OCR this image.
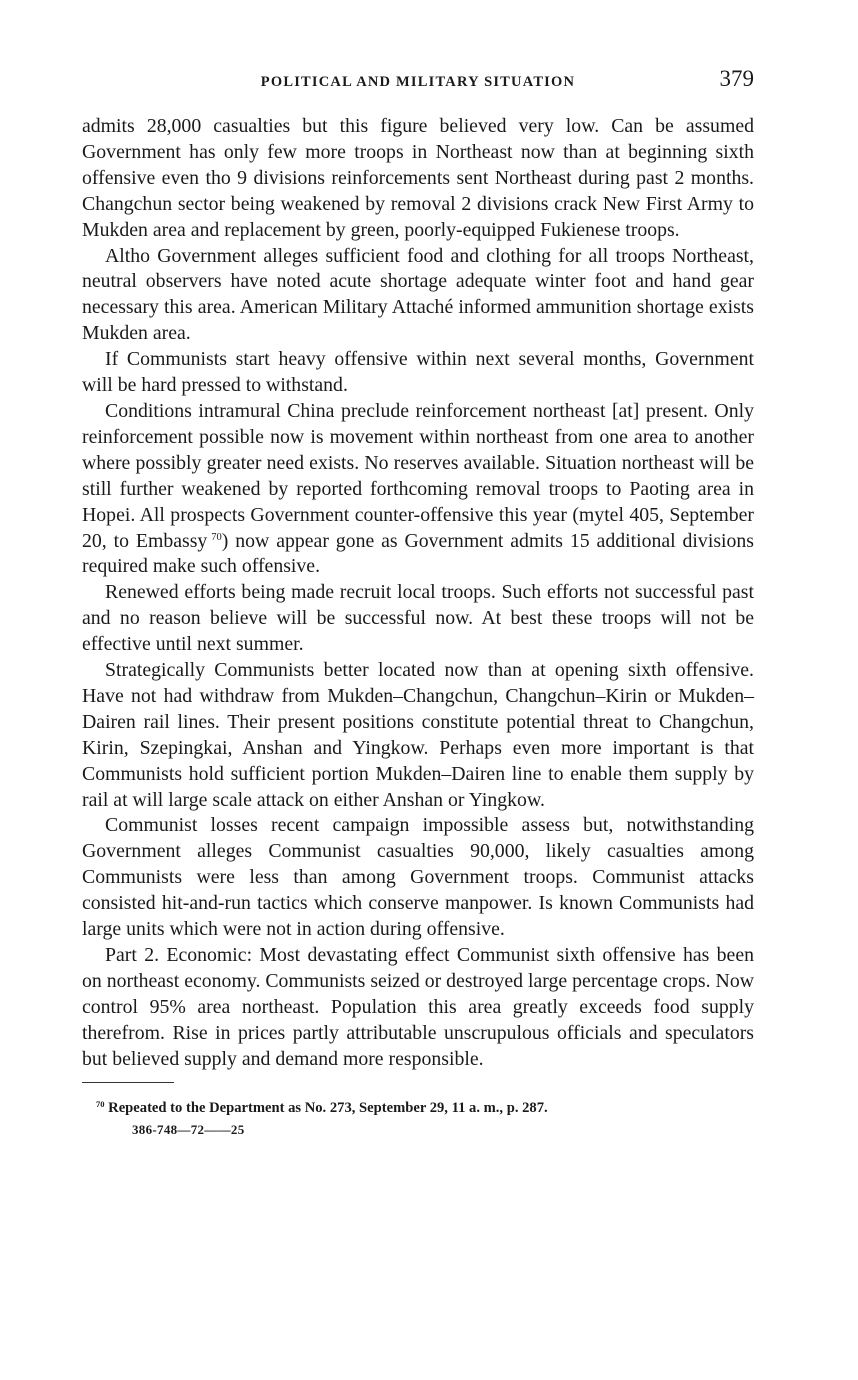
POLITICAL AND MILITARY SITUATION	379

admits 28,000 casualties but this figure believed very low. Can be assumed Government has only few more troops in Northeast now than at beginning sixth offensive even tho 9 divisions reinforcements sent Northeast during past 2 months. Changchun sector being weakened by removal 2 divisions crack New First Army to Mukden area and replacement by green, poorly-equipped Fukienese troops.

Altho Government alleges sufficient food and clothing for all troops Northeast, neutral observers have noted acute shortage adequate winter foot and hand gear necessary this area. American Military Attaché informed ammunition shortage exists Mukden area.

If Communists start heavy offensive within next several months, Government will be hard pressed to withstand.

Conditions intramural China preclude reinforcement northeast [at] present. Only reinforcement possible now is movement within northeast from one area to another where possibly greater need exists. No reserves available. Situation northeast will be still further weakened by reported forthcoming removal troops to Paoting area in Hopei. All prospects Government counter-offensive this year (mytel 405, September 20, to Embassy  $^{70}$) now appear gone as Government admits 15 additional divisions required make such offensive.

Renewed efforts being made recruit local troops. Such efforts not successful past and no reason believe will be successful now. At best these troops will not be effective until next summer.

Strategically Communists better located now than at opening sixth offensive. Have not had withdraw from Mukden–Changchun, Changchun–Kirin or Mukden–Dairen rail lines. Their present positions constitute potential threat to Changchun, Kirin, Szepingkai, Anshan and Yingkow. Perhaps even more important is that Communists hold sufficient portion Mukden–Dairen line to enable them supply by rail at will large scale attack on either Anshan or Yingkow.

Communist losses recent campaign impossible assess but, notwithstanding Government alleges Communist casualties 90,000, likely casualties among Communists were less than among Government troops. Communist attacks consisted hit-and-run tactics which conserve manpower. Is known Communists had large units which were not in action during offensive.

Part 2. Economic: Most devastating effect Communist sixth offensive has been on northeast economy. Communists seized or destroyed large percentage crops. Now control 95% area northeast. Population this area greatly exceeds food supply therefrom. Rise in prices partly attributable unscrupulous officials and speculators but believed supply and demand more responsible.

$^{70}$ Repeated to the Department as No. 273, September 29, 11 a. m., p. 287.
386-748—72——25
